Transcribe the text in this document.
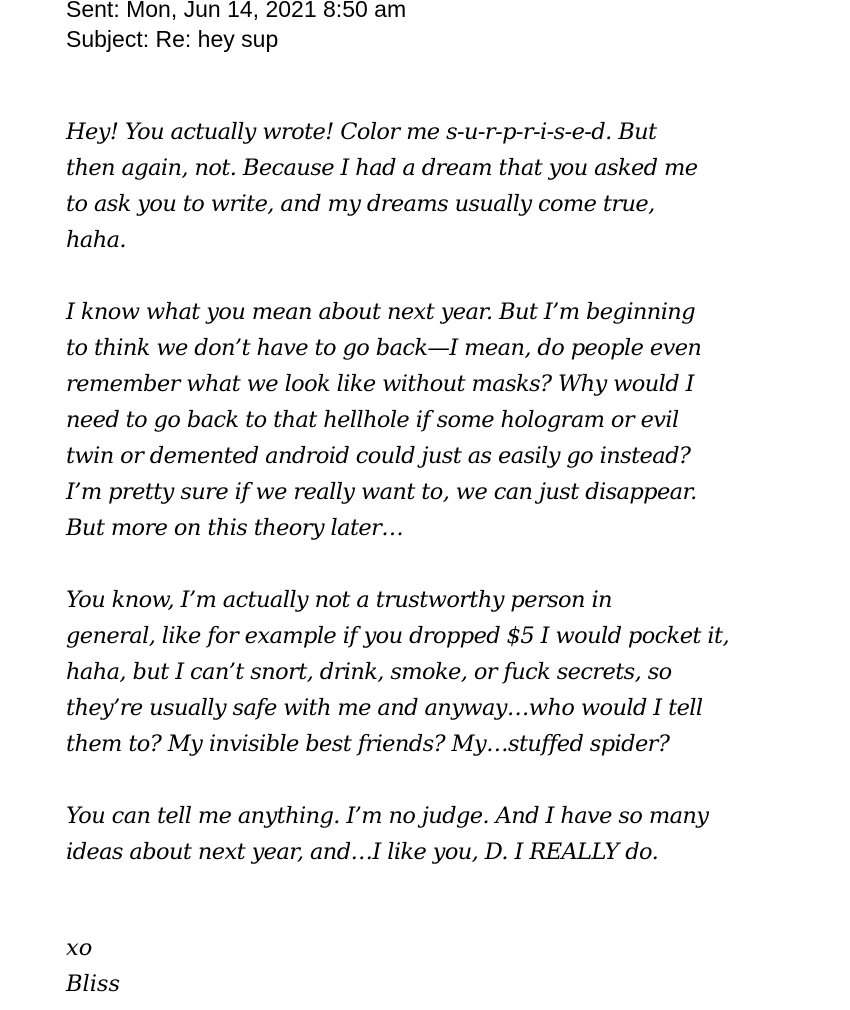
Sent: Mon, Jun 14, 2021 8:50 am
Subject: Re: hey sup
Hey! You actually wrote! Color me s-u-r-p-r-i-s-e-d. But
then again, not. Because I had a dream that you asked me
to ask you to write, and my dreams usually come true,
haha.
I know what you mean about next year. But I’m beginning
to think we don’t have to go back—I mean, do people even
remember what we look like without masks? Why would I
need to go back to that hellhole if some hologram or evil
twin or demented android could just as easily go instead?
I’m pretty sure if we really want to, we can just disappear.
But more on this theory later…
You know, I’m actually not a trustworthy person in
general, like for example if you dropped $5 I would pocket it,
haha, but I can’t snort, drink, smoke, or fuck secrets, so
they’re usually safe with me and anyway…who would I tell
them to? My invisible best friends? My…stuffed spider?
You can tell me anything. I’m no judge. And I have so many
ideas about next year, and…I like you, D. I REALLY do.
xo
Bliss
